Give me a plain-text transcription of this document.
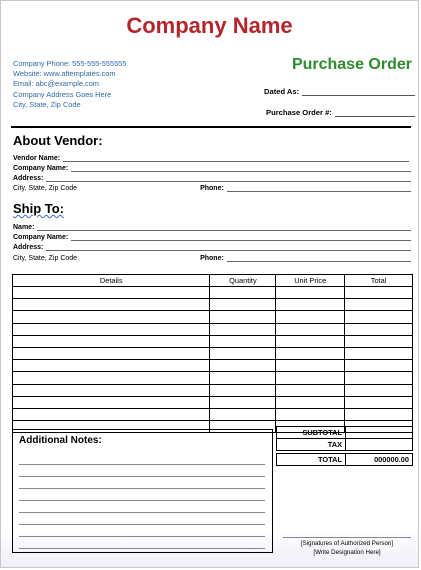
Company Name
Company Phone: 555-555-555555
Website: www.aftemplates.com
Email: abc@example.com
Company Address Goes Here
City, State, Zip Code
Purchase Order
Dated As:
Purchase Order #:
About Vendor:
Vendor Name:
Company Name:
Address:
City, State, Zip Code	Phone:
Ship To:
Name:
Company Name:
Address:
City, State, Zip Code	Phone:
Details	Quantity	Unit Price	Total

Additional Notes:
SUBTOTAL	
TAX	

TOTAL	000000.00
[Signatures of Authorized Person]
[Write Designation Here]
